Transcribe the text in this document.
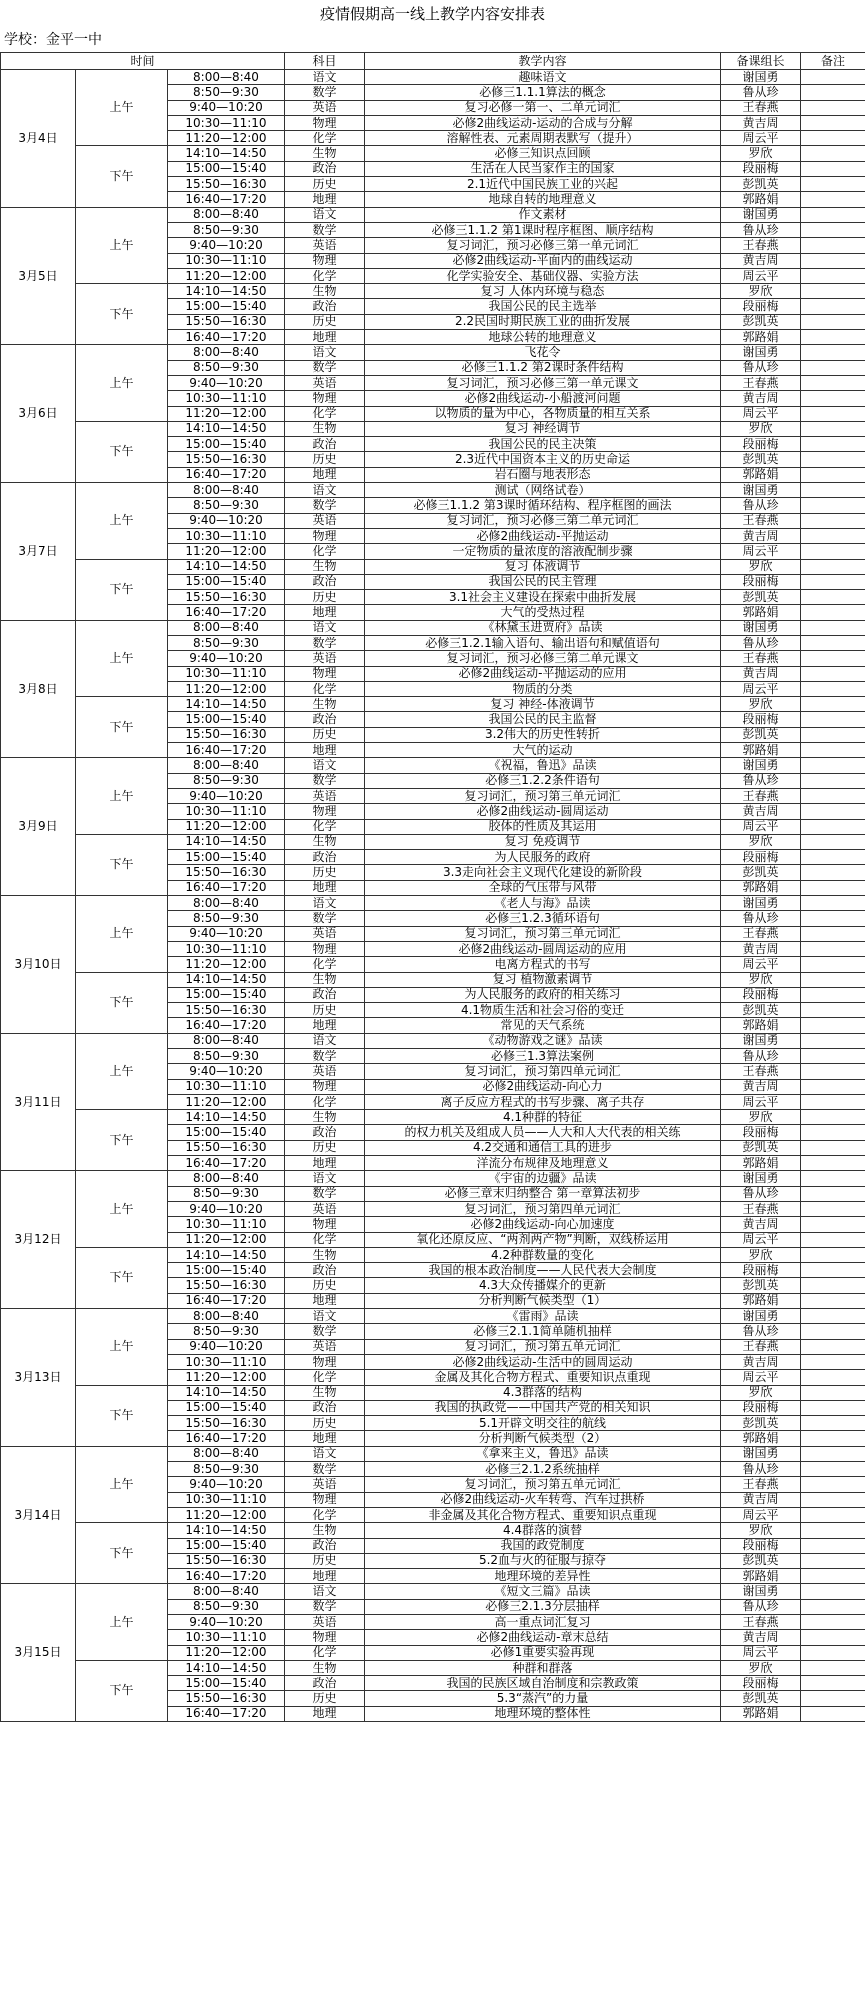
疫情假期高一线上教学内容安排表
学校：金平一中
时间			科目	教学内容	备课组长	备注
3月4日	上午	8:00—8:40	语文	趣味语文	谢国勇	
		8:50—9:30	数学	必修三1.1.1算法的概念	鲁从珍	
		9:40—10:20	英语	复习必修一第一、二单元词汇	王春燕	
		10:30—11:10	物理	必修2曲线运动-运动的合成与分解	黄吉周	
		11:20—12:00	化学	溶解性表、元素周期表默写（提升）	周云平	
	下午	14:10—14:50	生物	必修三知识点回顾	罗欣	
		15:00—15:40	政治	生活在人民当家作主的国家	段丽梅	
		15:50—16:30	历史	2.1近代中国民族工业的兴起	彭凯英	
		16:40—17:20	地理	地球自转的地理意义	郭路娟	
3月5日	上午	8:00—8:40	语文	作文素材	谢国勇	
		8:50—9:30	数学	必修三1.1.2 第1课时程序框图、顺序结构	鲁从珍	
		9:40—10:20	英语	复习词汇，预习必修三第一单元词汇	王春燕	
		10:30—11:10	物理	必修2曲线运动-平面内的曲线运动	黄吉周	
		11:20—12:00	化学	化学实验安全、基础仪器、实验方法	周云平	
	下午	14:10—14:50	生物	复习 人体内环境与稳态	罗欣	
		15:00—15:40	政治	我国公民的民主选举	段丽梅	
		15:50—16:30	历史	2.2民国时期民族工业的曲折发展	彭凯英	
		16:40—17:20	地理	地球公转的地理意义	郭路娟	
3月6日	上午	8:00—8:40	语文	飞花令	谢国勇	
		8:50—9:30	数学	必修三1.1.2 第2课时条件结构	鲁从珍	
		9:40—10:20	英语	复习词汇，预习必修三第一单元课文	王春燕	
		10:30—11:10	物理	必修2曲线运动-小船渡河问题	黄吉周	
		11:20—12:00	化学	以物质的量为中心，各物质量的相互关系	周云平	
	下午	14:10—14:50	生物	复习 神经调节	罗欣	
		15:00—15:40	政治	我国公民的民主决策	段丽梅	
		15:50—16:30	历史	2.3近代中国资本主义的历史命运	彭凯英	
		16:40—17:20	地理	岩石圈与地表形态	郭路娟	
3月7日	上午	8:00—8:40	语文	测试（网络试卷）	谢国勇	
		8:50—9:30	数学	必修三1.1.2 第3课时循环结构、程序框图的画法	鲁从珍	
		9:40—10:20	英语	复习词汇，预习必修三第二单元词汇	王春燕	
		10:30—11:10	物理	必修2曲线运动-平抛运动	黄吉周	
		11:20—12:00	化学	一定物质的量浓度的溶液配制步骤	周云平	
	下午	14:10—14:50	生物	复习 体液调节	罗欣	
		15:00—15:40	政治	我国公民的民主管理	段丽梅	
		15:50—16:30	历史	3.1社会主义建设在探索中曲折发展	彭凯英	
		16:40—17:20	地理	大气的受热过程	郭路娟	
3月8日	上午	8:00—8:40	语文	《林黛玉进贾府》品读	谢国勇	
		8:50—9:30	数学	必修三1.2.1输入语句、输出语句和赋值语句	鲁从珍	
		9:40—10:20	英语	复习词汇，预习必修三第二单元课文	王春燕	
		10:30—11:10	物理	必修2曲线运动-平抛运动的应用	黄吉周	
		11:20—12:00	化学	物质的分类	周云平	
	下午	14:10—14:50	生物	复习 神经-体液调节	罗欣	
		15:00—15:40	政治	我国公民的民主监督	段丽梅	
		15:50—16:30	历史	3.2伟大的历史性转折	彭凯英	
		16:40—17:20	地理	大气的运动	郭路娟	
3月9日	上午	8:00—8:40	语文	《祝福，鲁迅》品读	谢国勇	
		8:50—9:30	数学	必修三1.2.2条件语句	鲁从珍	
		9:40—10:20	英语	复习词汇，预习第三单元词汇	王春燕	
		10:30—11:10	物理	必修2曲线运动-圆周运动	黄吉周	
		11:20—12:00	化学	胶体的性质及其运用	周云平	
	下午	14:10—14:50	生物	复习 免疫调节	罗欣	
		15:00—15:40	政治	为人民服务的政府	段丽梅	
		15:50—16:30	历史	3.3走向社会主义现代化建设的新阶段	彭凯英	
		16:40—17:20	地理	全球的气压带与风带	郭路娟	
3月10日	上午	8:00—8:40	语文	《老人与海》品读	谢国勇	
		8:50—9:30	数学	必修三1.2.3循环语句	鲁从珍	
		9:40—10:20	英语	复习词汇，预习第三单元词汇	王春燕	
		10:30—11:10	物理	必修2曲线运动-圆周运动的应用	黄吉周	
		11:20—12:00	化学	电离方程式的书写	周云平	
	下午	14:10—14:50	生物	复习 植物激素调节	罗欣	
		15:00—15:40	政治	为人民服务的政府的相关练习	段丽梅	
		15:50—16:30	历史	4.1物质生活和社会习俗的变迁	彭凯英	
		16:40—17:20	地理	常见的天气系统	郭路娟	
3月11日	上午	8:00—8:40	语文	《动物游戏之谜》品读	谢国勇	
		8:50—9:30	数学	必修三1.3算法案例	鲁从珍	
		9:40—10:20	英语	复习词汇，预习第四单元词汇	王春燕	
		10:30—11:10	物理	必修2曲线运动-向心力	黄吉周	
		11:20—12:00	化学	离子反应方程式的书写步骤、离子共存	周云平	
	下午	14:10—14:50	生物	4.1种群的特征	罗欣	
		15:00—15:40	政治	的权力机关及组成人员——人大和人大代表的相关练	段丽梅	
		15:50—16:30	历史	4.2交通和通信工具的进步	彭凯英	
		16:40—17:20	地理	洋流分布规律及地理意义	郭路娟	
3月12日	上午	8:00—8:40	语文	《宇宙的边疆》品读	谢国勇	
		8:50—9:30	数学	必修三章末归纳整合 第一章算法初步	鲁从珍	
		9:40—10:20	英语	复习词汇，预习第四单元词汇	王春燕	
		10:30—11:10	物理	必修2曲线运动-向心加速度	黄吉周	
		11:20—12:00	化学	氧化还原反应、“两剂两产物”判断，双线桥运用	周云平	
	下午	14:10—14:50	生物	4.2种群数量的变化	罗欣	
		15:00—15:40	政治	我国的根本政治制度——人民代表大会制度	段丽梅	
		15:50—16:30	历史	4.3大众传播媒介的更新	彭凯英	
		16:40—17:20	地理	分析判断气候类型（1）	郭路娟	
3月13日	上午	8:00—8:40	语文	《雷雨》品读	谢国勇	
		8:50—9:30	数学	必修三2.1.1简单随机抽样	鲁从珍	
		9:40—10:20	英语	复习词汇，预习第五单元词汇	王春燕	
		10:30—11:10	物理	必修2曲线运动-生活中的圆周运动	黄吉周	
		11:20—12:00	化学	金属及其化合物方程式、重要知识点重现	周云平	
	下午	14:10—14:50	生物	4.3群落的结构	罗欣	
		15:00—15:40	政治	我国的执政党——中国共产党的相关知识	段丽梅	
		15:50—16:30	历史	5.1开辟文明交往的航线	彭凯英	
		16:40—17:20	地理	分析判断气候类型（2）	郭路娟	
3月14日	上午	8:00—8:40	语文	《拿来主义，鲁迅》品读	谢国勇	
		8:50—9:30	数学	必修三2.1.2系统抽样	鲁从珍	
		9:40—10:20	英语	复习词汇，预习第五单元词汇	王春燕	
		10:30—11:10	物理	必修2曲线运动-火车转弯、汽车过拱桥	黄吉周	
		11:20—12:00	化学	非金属及其化合物方程式、重要知识点重现	周云平	
	下午	14:10—14:50	生物	4.4群落的演替	罗欣	
		15:00—15:40	政治	我国的政党制度	段丽梅	
		15:50—16:30	历史	5.2血与火的征服与掠夺	彭凯英	
		16:40—17:20	地理	地理环境的差异性	郭路娟	
3月15日	上午	8:00—8:40	语文	《短文三篇》品读	谢国勇	
		8:50—9:30	数学	必修三2.1.3分层抽样	鲁从珍	
		9:40—10:20	英语	高一重点词汇复习	王春燕	
		10:30—11:10	物理	必修2曲线运动-章末总结	黄吉周	
		11:20—12:00	化学	必修1重要实验再现	周云平	
	下午	14:10—14:50	生物	种群和群落	罗欣	
		15:00—15:40	政治	我国的民族区域自治制度和宗教政策	段丽梅	
		15:50—16:30	历史	5.3“蒸汽”的力量	彭凯英	
		16:40—17:20	地理	地理环境的整体性	郭路娟	
